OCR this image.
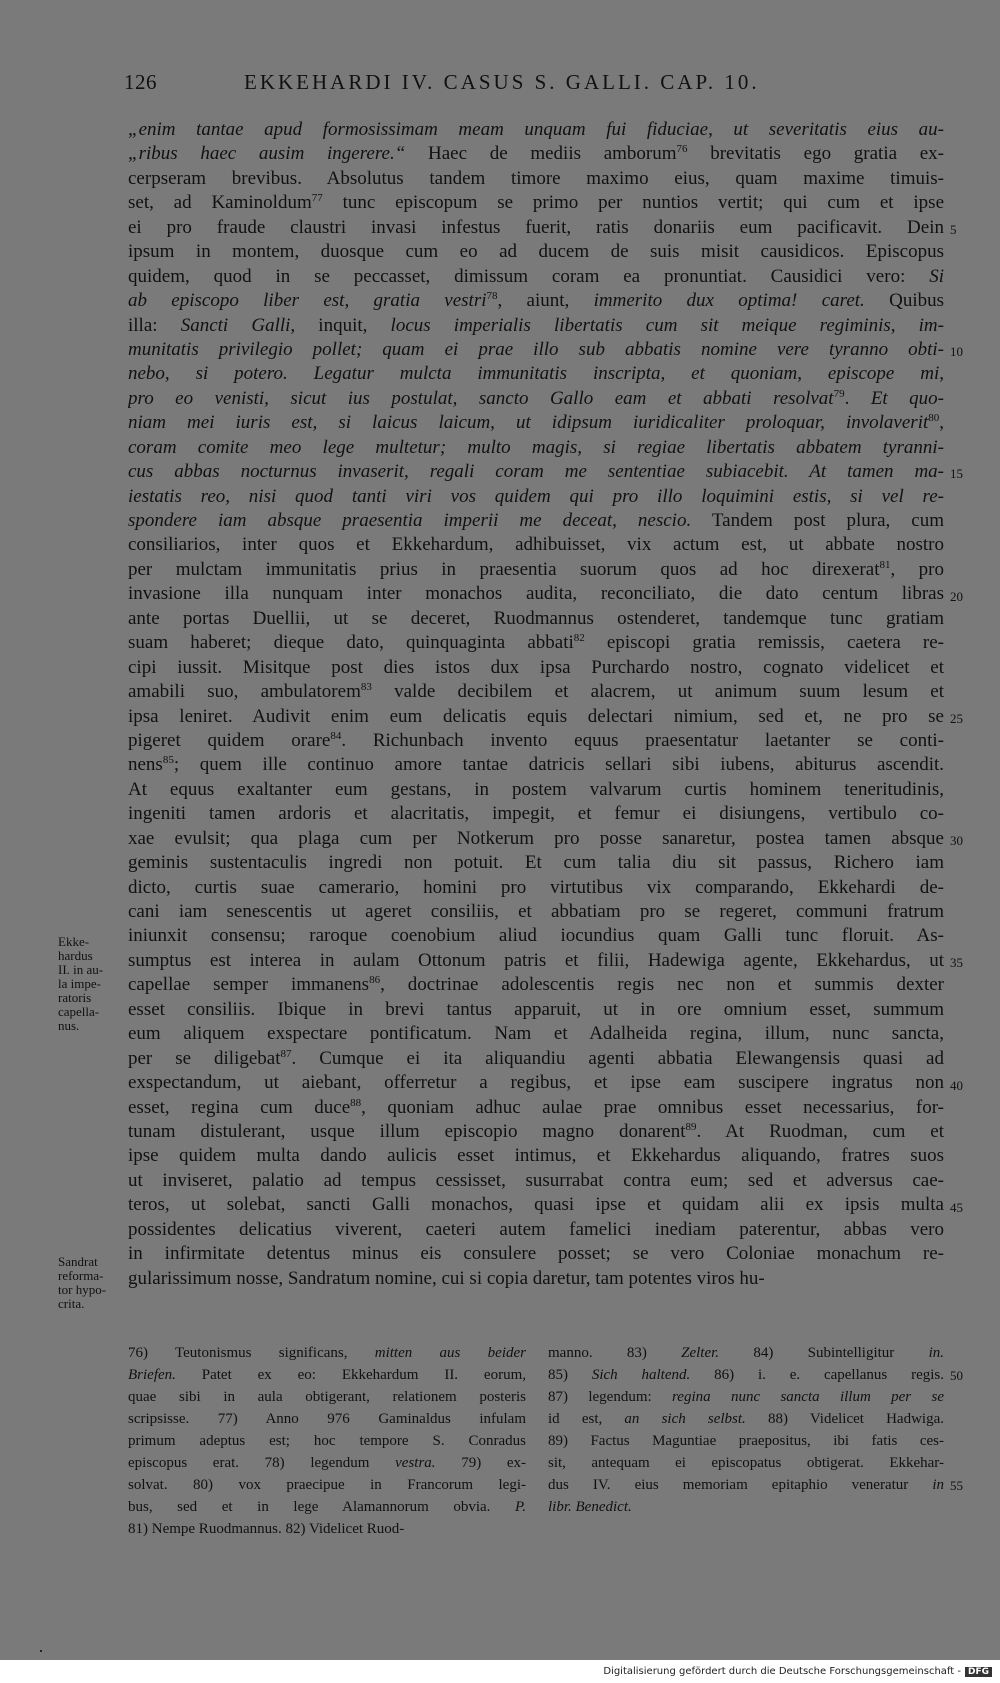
126	EKKEHARDI IV. CASUS S. GALLI. CAP. 10.
„enim tantae apud formosissimam meam unquam fui fiduciae, ut severitatis eius au-
„ribus haec ausim ingerere.“ Haec de mediis amborum$^{76}$ brevitatis ego gratia ex-
cerpseram brevibus. Absolutus tandem timore maximo eius, quam maxime timuis-
set, ad Kaminoldum$^{77}$ tunc episcopum se primo per nuntios vertit; qui cum et ipse
ei pro fraude claustri invasi infestus fuerit, ratis donariis eum pacificavit. Dein
ipsum in montem, duosque cum eo ad ducem de suis misit causidicos. Episcopus
quidem, quod in se peccasset, dimissum coram ea pronuntiat. Causidici vero: Si
ab episcopo liber est, gratia vestri$^{78}$, aiunt, immerito dux optima! caret. Quibus
illa: Sancti Galli, inquit, locus imperialis libertatis cum sit meique regiminis, im-
munitatis privilegio pollet; quam ei prae illo sub abbatis nomine vere tyranno obti-
nebo, si potero. Legatur mulcta immunitatis inscripta, et quoniam, episcope mi,
pro eo venisti, sicut ius postulat, sancto Gallo eam et abbati resolvat$^{79}$. Et quo-
niam mei iuris est, si laicus laicum, ut idipsum iuridicaliter proloquar, involaverit$^{80}$,
coram comite meo lege multetur; multo magis, si regiae libertatis abbatem tyranni-
cus abbas nocturnus invaserit, regali coram me sententiae subiacebit. At tamen ma-
iestatis reo, nisi quod tanti viri vos quidem qui pro illo loquimini estis, si vel re-
spondere iam absque praesentia imperii me deceat, nescio. Tandem post plura, cum
consiliarios, inter quos et Ekkehardum, adhibuisset, vix actum est, ut abbate nostro
per mulctam immunitatis prius in praesentia suorum quos ad hoc direxerat$^{81}$, pro
invasione illa nunquam inter monachos audita, reconciliato, die dato centum libras
ante portas Duellii, ut se deceret, Ruodmannus ostenderet, tandemque tunc gratiam
suam haberet; dieque dato, quinquaginta abbati$^{82}$ episcopi gratia remissis, caetera re-
cipi iussit. Misitque post dies istos dux ipsa Purchardo nostro, cognato videlicet et
amabili suo, ambulatorem$^{83}$ valde decibilem et alacrem, ut animum suum lesum et
ipsa leniret. Audivit enim eum delicatis equis delectari nimium, sed et, ne pro se
pigeret quidem orare$^{84}$. Richunbach invento equus praesentatur laetanter se conti-
nens$^{85}$; quem ille continuo amore tantae datricis sellari sibi iubens, abiturus ascendit.
At equus exaltanter eum gestans, in postem valvarum curtis hominem teneritudinis,
ingeniti tamen ardoris et alacritatis, impegit, et femur ei disiungens, vertibulo co-
xae evulsit; qua plaga cum per Notkerum pro posse sanaretur, postea tamen absque
geminis sustentaculis ingredi non potuit. Et cum talia diu sit passus, Richero iam
dicto, curtis suae camerario, homini pro virtutibus vix comparando, Ekkehardi de-
cani iam senescentis ut ageret consiliis, et abbatiam pro se regeret, communi fratrum
iniunxit consensu; raroque coenobium aliud iocundius quam Galli tunc floruit. As-
sumptus est interea in aulam Ottonum patris et filii, Hadewiga agente, Ekkehardus, ut
capellae semper immanens$^{86}$, doctrinae adolescentis regis nec non et summis dexter
esset consiliis. Ibique in brevi tantus apparuit, ut in ore omnium esset, summum
eum aliquem exspectare pontificatum. Nam et Adalheida regina, illum, nunc sancta,
per se diligebat$^{87}$. Cumque ei ita aliquandiu agenti abbatia Elewangensis quasi ad
exspectandum, ut aiebant, offerretur a regibus, et ipse eam suscipere ingratus non
esset, regina cum duce$^{88}$, quoniam adhuc aulae prae omnibus esset necessarius, for-
tunam distulerant, usque illum episcopio magno donarent$^{89}$. At Ruodman, cum et
ipse quidem multa dando aulicis esset intimus, et Ekkehardus aliquando, fratres suos
ut inviseret, palatio ad tempus cessisset, susurrabat contra eum; sed et adversus cae-
teros, ut solebat, sancti Galli monachos, quasi ipse et quidam alii ex ipsis multa
possidentes delicatius viverent, caeteri autem famelici inediam paterentur, abbas vero
in infirmitate detentus minus eis consulere posset; se vero Coloniae monachum re-
gularissimum nosse, Sandratum nomine, cui si copia daretur, tam potentes viros hu-
5
10
15
20
25
30
35
40
45
Ekke-
hardus
II. in au-
la impe-
ratoris
capella-
nus.
Sandrat
reforma-
tor hypo-
crita.
76) Teutonismus significans, mitten aus beider
Briefen. Patet ex eo: Ekkehardum II. eorum,
quae sibi in aula obtigerant, relationem posteris
scripsisse. 77) Anno 976 Gaminaldus infulam
primum adeptus est; hoc tempore S. Conradus
episcopus erat. 78) legendum vestra. 79) ex-
solvat. 80) vox praecipue in Francorum legi-
bus, sed et in lege Alamannorum obvia. P.
81) Nempe Ruodmannus. 82) Videlicet Ruod-
manno. 83) Zelter. 84) Subintelligitur in.
85) Sich haltend. 86) i. e. capellanus regis.
87) legendum: regina nunc sancta illum per se
id est, an sich selbst. 88) Videlicet Hadwiga.
89) Factus Maguntiae praepositus, ibi fatis ces-
sit, antequam ei episcopatus obtigerat. Ekkehar-
dus IV. eius memoriam epitaphio veneratur in
libr. Benedict.
50
55
Digitalisierung gefördert durch die Deutsche Forschungsgemeinschaft - DFG
